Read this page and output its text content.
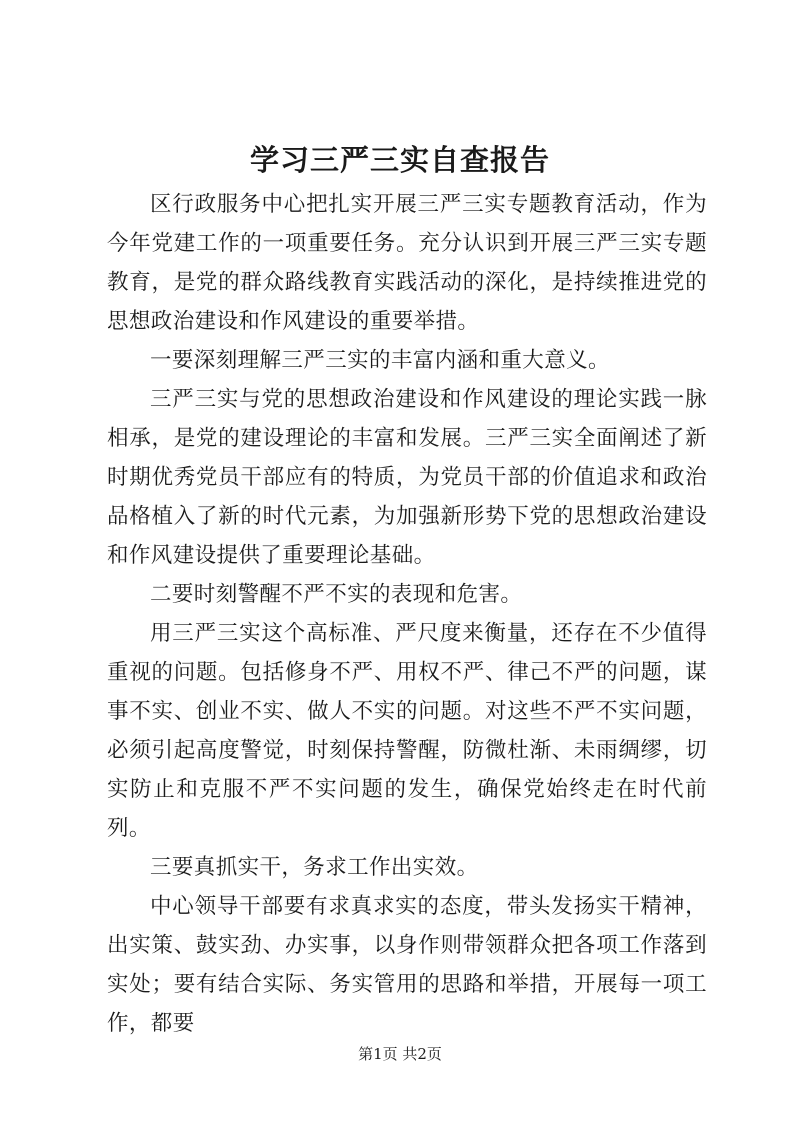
学习三严三实自查报告

区行政服务中心把扎实开展三严三实专题教育活动，作为今年党建工作的一项重要任务。充分认识到开展三严三实专题教育，是党的群众路线教育实践活动的深化，是持续推进党的思想政治建设和作风建设的重要举措。

一要深刻理解三严三实的丰富内涵和重大意义。

三严三实与党的思想政治建设和作风建设的理论实践一脉相承，是党的建设理论的丰富和发展。三严三实全面阐述了新时期优秀党员干部应有的特质，为党员干部的价值追求和政治品格植入了新的时代元素，为加强新形势下党的思想政治建设和作风建设提供了重要理论基础。

二要时刻警醒不严不实的表现和危害。

用三严三实这个高标准、严尺度来衡量，还存在不少值得重视的问题。包括修身不严、用权不严、律己不严的问题，谋事不实、创业不实、做人不实的问题。对这些不严不实问题，必须引起高度警觉，时刻保持警醒，防微杜渐、未雨绸缪，切实防止和克服不严不实问题的发生，确保党始终走在时代前列。

三要真抓实干，务求工作出实效。

中心领导干部要有求真求实的态度，带头发扬实干精神，出实策、鼓实劲、办实事，以身作则带领群众把各项工作落到实处；要有结合实际、务实管用的思路和举措，开展每一项工作，都要

第1页 共2页
